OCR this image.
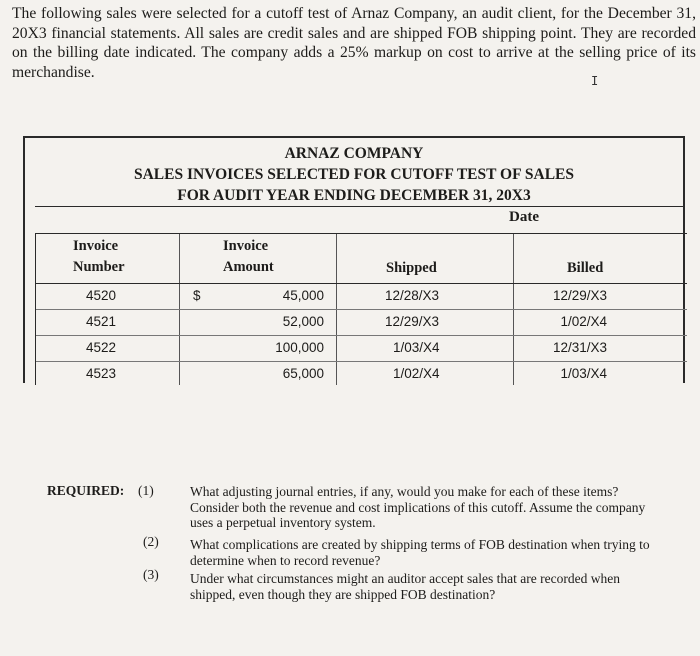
The following sales were selected for a cutoff test of Arnaz Company, an audit client, for the December 31, 20X3 financial statements. All sales are credit sales and are shipped FOB shipping point. They are recorded on the billing date indicated. The company adds a 25% markup on cost to arrive at the selling price of its merchandise.

I
ARNAZ COMPANY
SALES INVOICES SELECTED FOR CUTOFF TEST OF SALES
FOR AUDIT YEAR ENDING DECEMBER 31, 20X3
Date
Invoice
Number
Invoice
Amount	Shipped	Billed
4520	$	45,000	12/28/X3	12/29/X3
4521	52,000	12/29/X3	1/02/X4
4522	100,000	1/03/X4	12/31/X3
4523	65,000	1/02/X4	1/03/X4
REQUIRED: (1)	What adjusting journal entries, if any, would you make for each of these items? Consider both the revenue and cost implications of this cutoff. Assume the company uses a perpetual inventory system.
(2) What complications are created by shipping terms of FOB destination when trying to determine when to record revenue?
(3) Under what circumstances might an auditor accept sales that are recorded when shipped, even though they are shipped FOB destination?
